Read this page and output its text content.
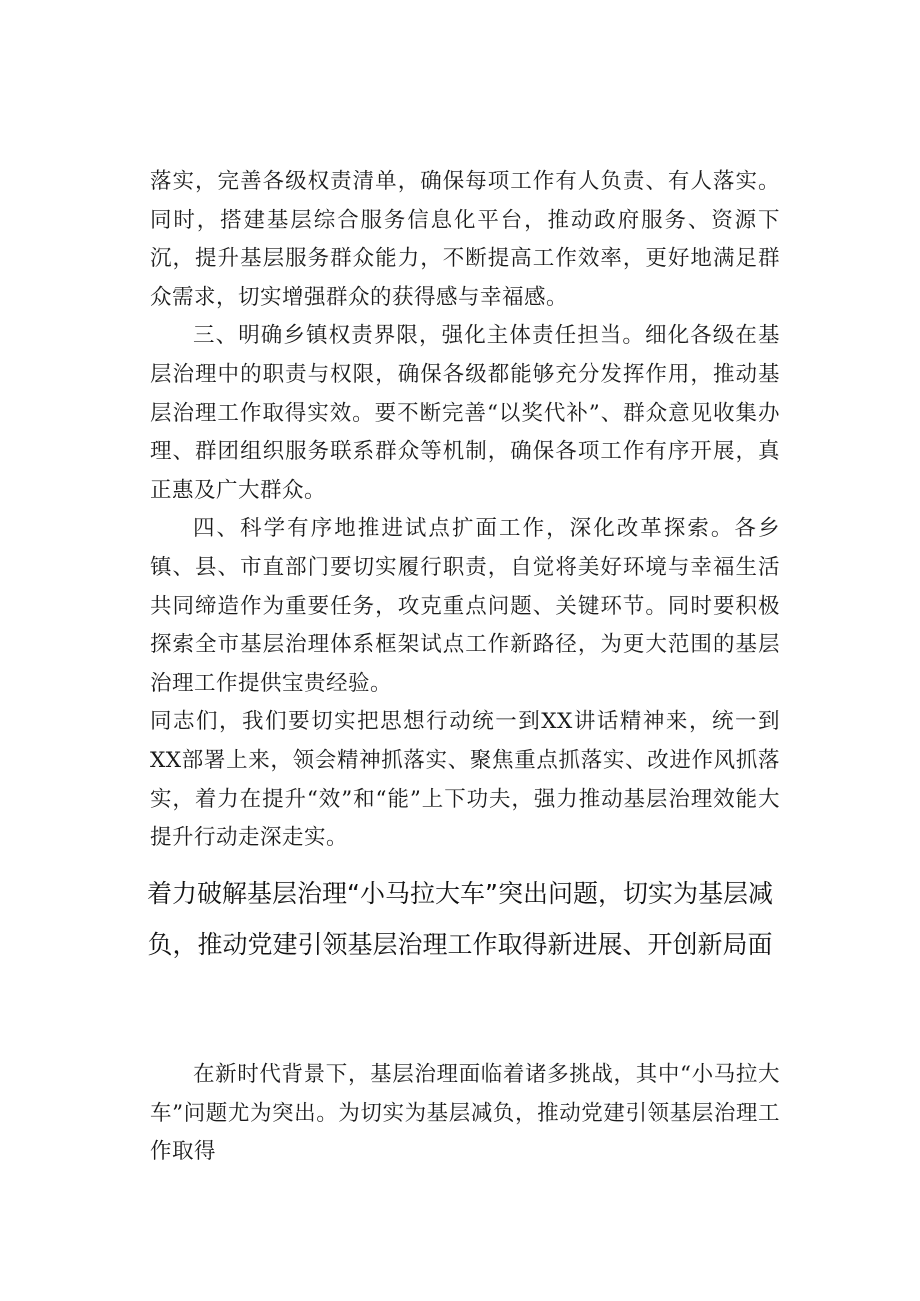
落实，完善各级权责清单，确保每项工作有人负责、有人落实。同时，搭建基层综合服务信息化平台，推动政府服务、资源下沉，提升基层服务群众能力，不断提高工作效率，更好地满足群众需求，切实增强群众的获得感与幸福感。

三、明确乡镇权责界限，强化主体责任担当。细化各级在基层治理中的职责与权限，确保各级都能够充分发挥作用，推动基层治理工作取得实效。要不断完善“以奖代补”、群众意见收集办理、群团组织服务联系群众等机制，确保各项工作有序开展，真正惠及广大群众。

四、科学有序地推进试点扩面工作，深化改革探索。各乡镇、县、市直部门要切实履行职责，自觉将美好环境与幸福生活共同缔造作为重要任务，攻克重点问题、关键环节。同时要积极探索全市基层治理体系框架试点工作新路径，为更大范围的基层治理工作提供宝贵经验。

同志们，我们要切实把思想行动统一到XX讲话精神来，统一到XX部署上来，领会精神抓落实、聚焦重点抓落实、改进作风抓落实，着力在提升“效”和“能”上下功夫，强力推动基层治理效能大提升行动走深走实。

着力破解基层治理“小马拉大车”突出问题，切实为基层减负，推动党建引领基层治理工作取得新进展、开创新局面

在新时代背景下，基层治理面临着诸多挑战，其中“小马拉大车”问题尤为突出。为切实为基层减负，推动党建引领基层治理工作取得
